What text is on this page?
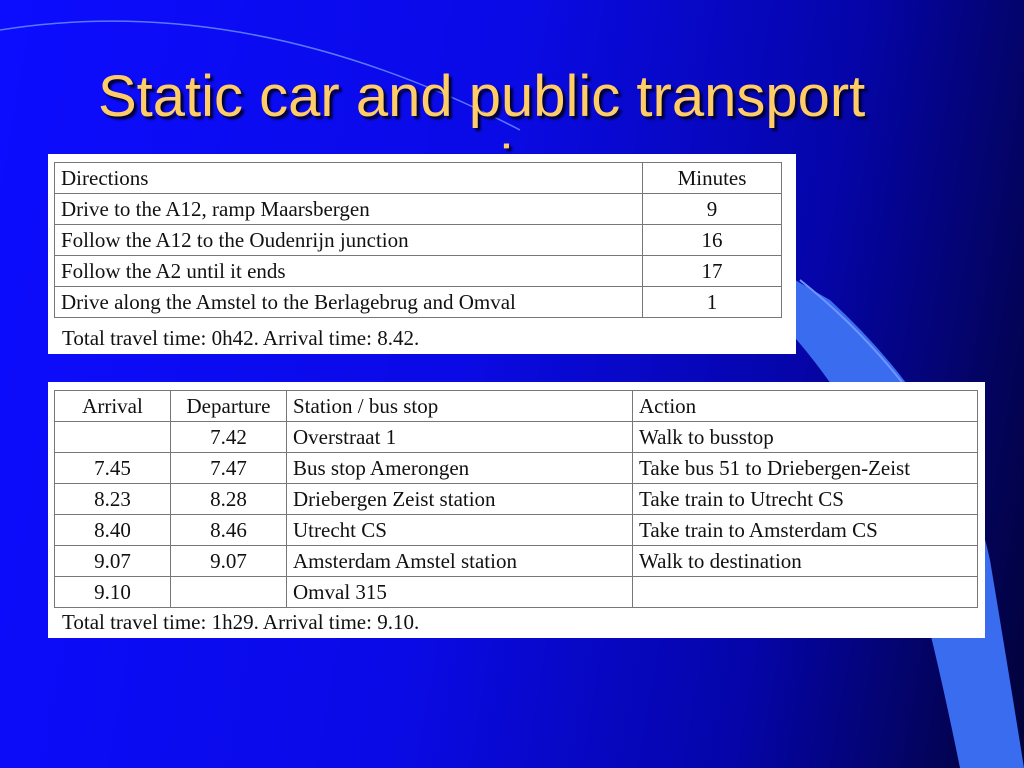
Static car and public transport
Directions	Minutes
Drive to the A12, ramp Maarsbergen	9
Follow the A12 to the Oudenrijn junction	16
Follow the A2 until it ends	17
Drive along the Amstel to the Berlagebrug and Omval	1
Total travel time: 0h42. Arrival time: 8.42.
Arrival	Departure	Station / bus stop	Action
	7.42	Overstraat 1	Walk to busstop
7.45	7.47	Bus stop Amerongen	Take bus 51 to Driebergen-Zeist
8.23	8.28	Driebergen Zeist station	Take train to Utrecht CS
8.40	8.46	Utrecht CS	Take train to Amsterdam CS
9.07	9.07	Amsterdam Amstel station	Walk to destination
9.10		Omval 315	
Total travel time: 1h29. Arrival time: 9.10.
